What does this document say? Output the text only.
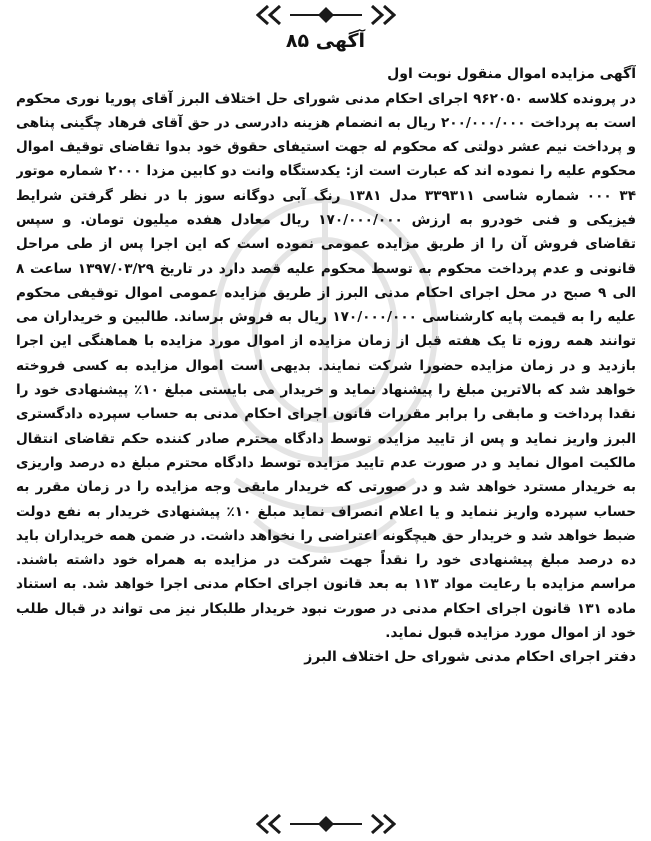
آگهی ۸۵

آگهی مزایده اموال منقول نوبت اول

در پرونده کلاسه ۹۶۲۰۵۰ اجرای احکام مدنی شورای حل اختلاف البرز آقای پوریا نوری محکوم است به پرداخت ۲۰۰/۰۰۰/۰۰۰ ریال به انضمام هزینه دادرسی در حق آقای فرهاد چگینی پناهی و پرداخت نیم عشر دولتی که محکوم له جهت استیفای حقوق خود بدوا تقاضای توقیف اموال محکوم علیه را نموده اند که عبارت است از: یکدستگاه وانت دو کابین مزدا ۲۰۰۰ شماره موتور ۳۴ ۰۰۰ شماره شاسی ۳۳۹۳۱۱ مدل ۱۳۸۱ رنگ آبی دوگانه سوز با در نظر گرفتن شرایط فیزیکی و فنی خودرو به ارزش ۱۷۰/۰۰۰/۰۰۰ ریال معادل هفده میلیون تومان. و سپس تقاضای فروش آن را از طریق مزایده عمومی نموده است که این اجرا پس از طی مراحل قانونی و عدم پرداخت محکوم به توسط محکوم علیه قصد دارد در تاریخ ۱۳۹۷/۰۳/۲۹ ساعت ۸ الی ۹ صبح در محل اجرای احکام مدنی البرز از طریق مزایده عمومی اموال توقیفی محکوم علیه را به قیمت پایه کارشناسی ۱۷۰/۰۰۰/۰۰۰ ریال به فروش برساند. طالبین و خریداران می توانند همه روزه تا یک هفته قبل از زمان مزایده از اموال مورد مزایده با هماهنگی این اجرا بازدید و در زمان مزایده حضورا شرکت نمایند. بدیهی است اموال مزایده به کسی فروخته خواهد شد که بالاترین مبلغ را پیشنهاد نماید و خریدار می بایستی مبلغ ۱۰٪ پیشنهادی خود را نقدا پرداخت و مابقی را برابر مقررات قانون اجرای احکام مدنی به حساب سپرده دادگستری البرز واریز نماید و پس از تایید مزایده توسط دادگاه محترم صادر کننده حکم تقاضای انتقال مالکیت اموال نماید و در صورت عدم تایید مزایده توسط دادگاه محترم مبلغ ده درصد واریزی به خریدار مسترد خواهد شد و در صورتی که خریدار مابقی وجه مزایده را در زمان مقرر به حساب سپرده واریز ننماید و یا اعلام انصراف نماید مبلغ ۱۰٪ پیشنهادی خریدار به نفع دولت ضبط خواهد شد و خریدار حق هیچگونه اعتراضی را نخواهد داشت. در ضمن همه خریداران باید ده درصد مبلغ پیشنهادی خود را نقداً جهت شرکت در مزایده به همراه خود داشته باشند. مراسم مزایده با رعایت مواد ۱۱۳ به بعد قانون اجرای احکام مدنی اجرا خواهد شد. به استناد ماده ۱۳۱ قانون اجرای احکام مدنی در صورت نبود خریدار طلبکار نیز می تواند در قبال طلب خود از اموال مورد مزایده قبول نماید.

دفتر اجرای احکام مدنی شورای حل اختلاف البرز
